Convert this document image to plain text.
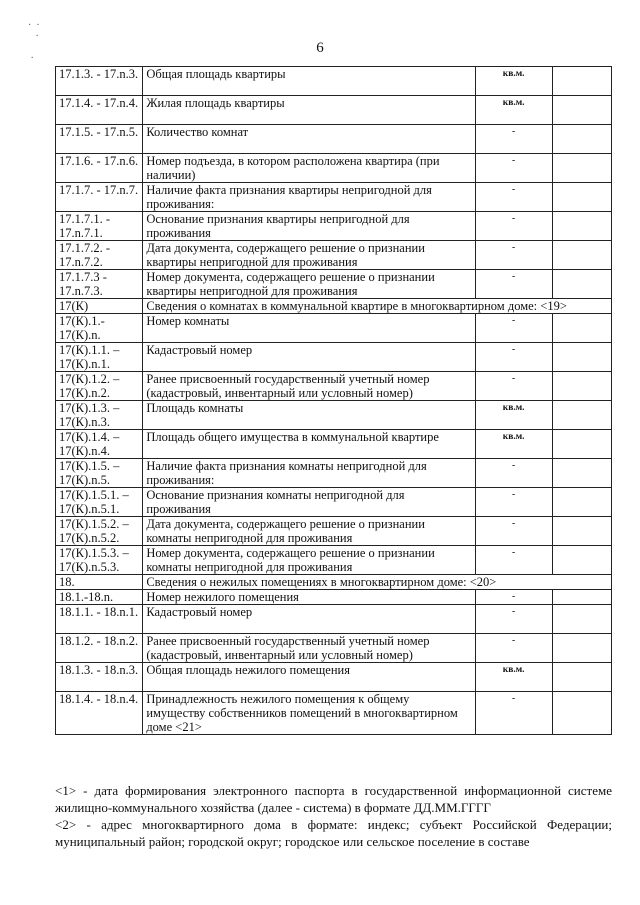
·  ·
·

·
6
17.1.3. - 17.n.3.	Общая площадь квартиры	кв.м.	
17.1.4. - 17.n.4.	Жилая площадь квартиры	кв.м.	
17.1.5. - 17.n.5.	Количество комнат	-	
17.1.6. - 17.n.6.	Номер подъезда, в котором расположена квартира (при наличии)	-	
17.1.7. - 17.n.7.	Наличие факта признания квартиры непригодной для проживания:	-	
17.1.7.1. - 17.n.7.1.	Основание признания квартиры непригодной для проживания	-	
17.1.7.2. - 17.n.7.2.	Дата документа, содержащего решение о признании квартиры непригодной для проживания	-	
17.1.7.3 - 17.n.7.3.	Номер документа, содержащего решение о признании квартиры непригодной для проживания	-	
17(К)	Сведения о комнатах в коммунальной квартире в многоквартирном доме: <19>		
17(К).1.- 17(К).n.	Номер комнаты	-	
17(К).1.1. – 17(К).n.1.	Кадастровый номер	-	
17(К).1.2. – 17(К).n.2.	Ранее присвоенный государственный учетный номер (кадастровый, инвентарный или условный номер)	-	
17(К).1.3. – 17(К).n.3.	Площадь комнаты	кв.м.	
17(К).1.4. – 17(К).n.4.	Площадь общего имущества в коммунальной квартире	кв.м.	
17(К).1.5. – 17(К).n.5.	Наличие факта признания комнаты непригодной для проживания:	-	
17(К).1.5.1. – 17(К).n.5.1.	Основание признания комнаты непригодной для проживания	-	
17(К).1.5.2. – 17(К).n.5.2.	Дата документа, содержащего решение о признании комнаты непригодной для проживания	-	
17(К).1.5.3. – 17(К).n.5.3.	Номер документа, содержащего решение о признании комнаты непригодной для проживания	-	
18.	Сведения о нежилых помещениях в многоквартирном доме: <20>		
18.1.-18.n.	Номер нежилого помещения	-	
18.1.1. - 18.n.1.	Кадастровый номер	-	
18.1.2. - 18.n.2.	Ранее присвоенный государственный учетный номер (кадастровый, инвентарный или условный номер)	-	
18.1.3. - 18.n.3.	Общая площадь нежилого помещения	кв.м.	
18.1.4. - 18.n.4.	Принадлежность нежилого помещения к общему имуществу собственников помещений в многоквартирном доме <21>	-	

<1> - дата формирования электронного паспорта в государственной информационной системе жилищно-коммунального хозяйства (далее - система) в формате ДД.ММ.ГГГГ

<2> - адрес многоквартирного дома в формате: индекс; субъект Российской Федерации; муниципальный район; городской округ; городское или сельское поселение в составе
